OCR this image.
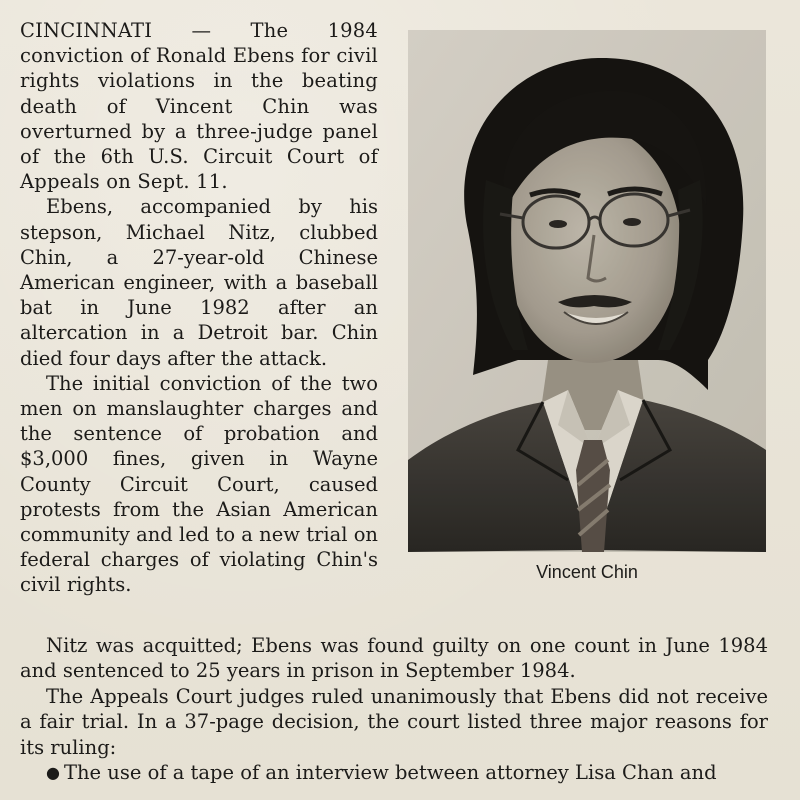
CINCINNATI — The 1984 conviction of Ronald Ebens for civil rights violations in the beating death of Vincent Chin was overturned by a three-judge panel of the 6th U.S. Circuit Court of Appeals on Sept. 11.

Ebens, accompanied by his stepson, Michael Nitz, clubbed Chin, a 27-year-old Chinese American engineer, with a baseball bat in June 1982 after an altercation in a Detroit bar. Chin died four days after the attack.

The initial conviction of the two men on manslaughter charges and the sentence of probation and $3,000 fines, given in Wayne County Circuit Court, caused protests from the Asian American community and led to a new trial on federal charges of violating Chin's civil rights.

Vincent Chin

Nitz was acquitted; Ebens was found guilty on one count in June 1984 and sentenced to 25 years in prison in September 1984.

The Appeals Court judges ruled unanimously that Ebens did not receive a fair trial. In a 37-page decision, the court listed three major reasons for its ruling:

● The use of a tape of an interview between attorney Lisa Chan and
